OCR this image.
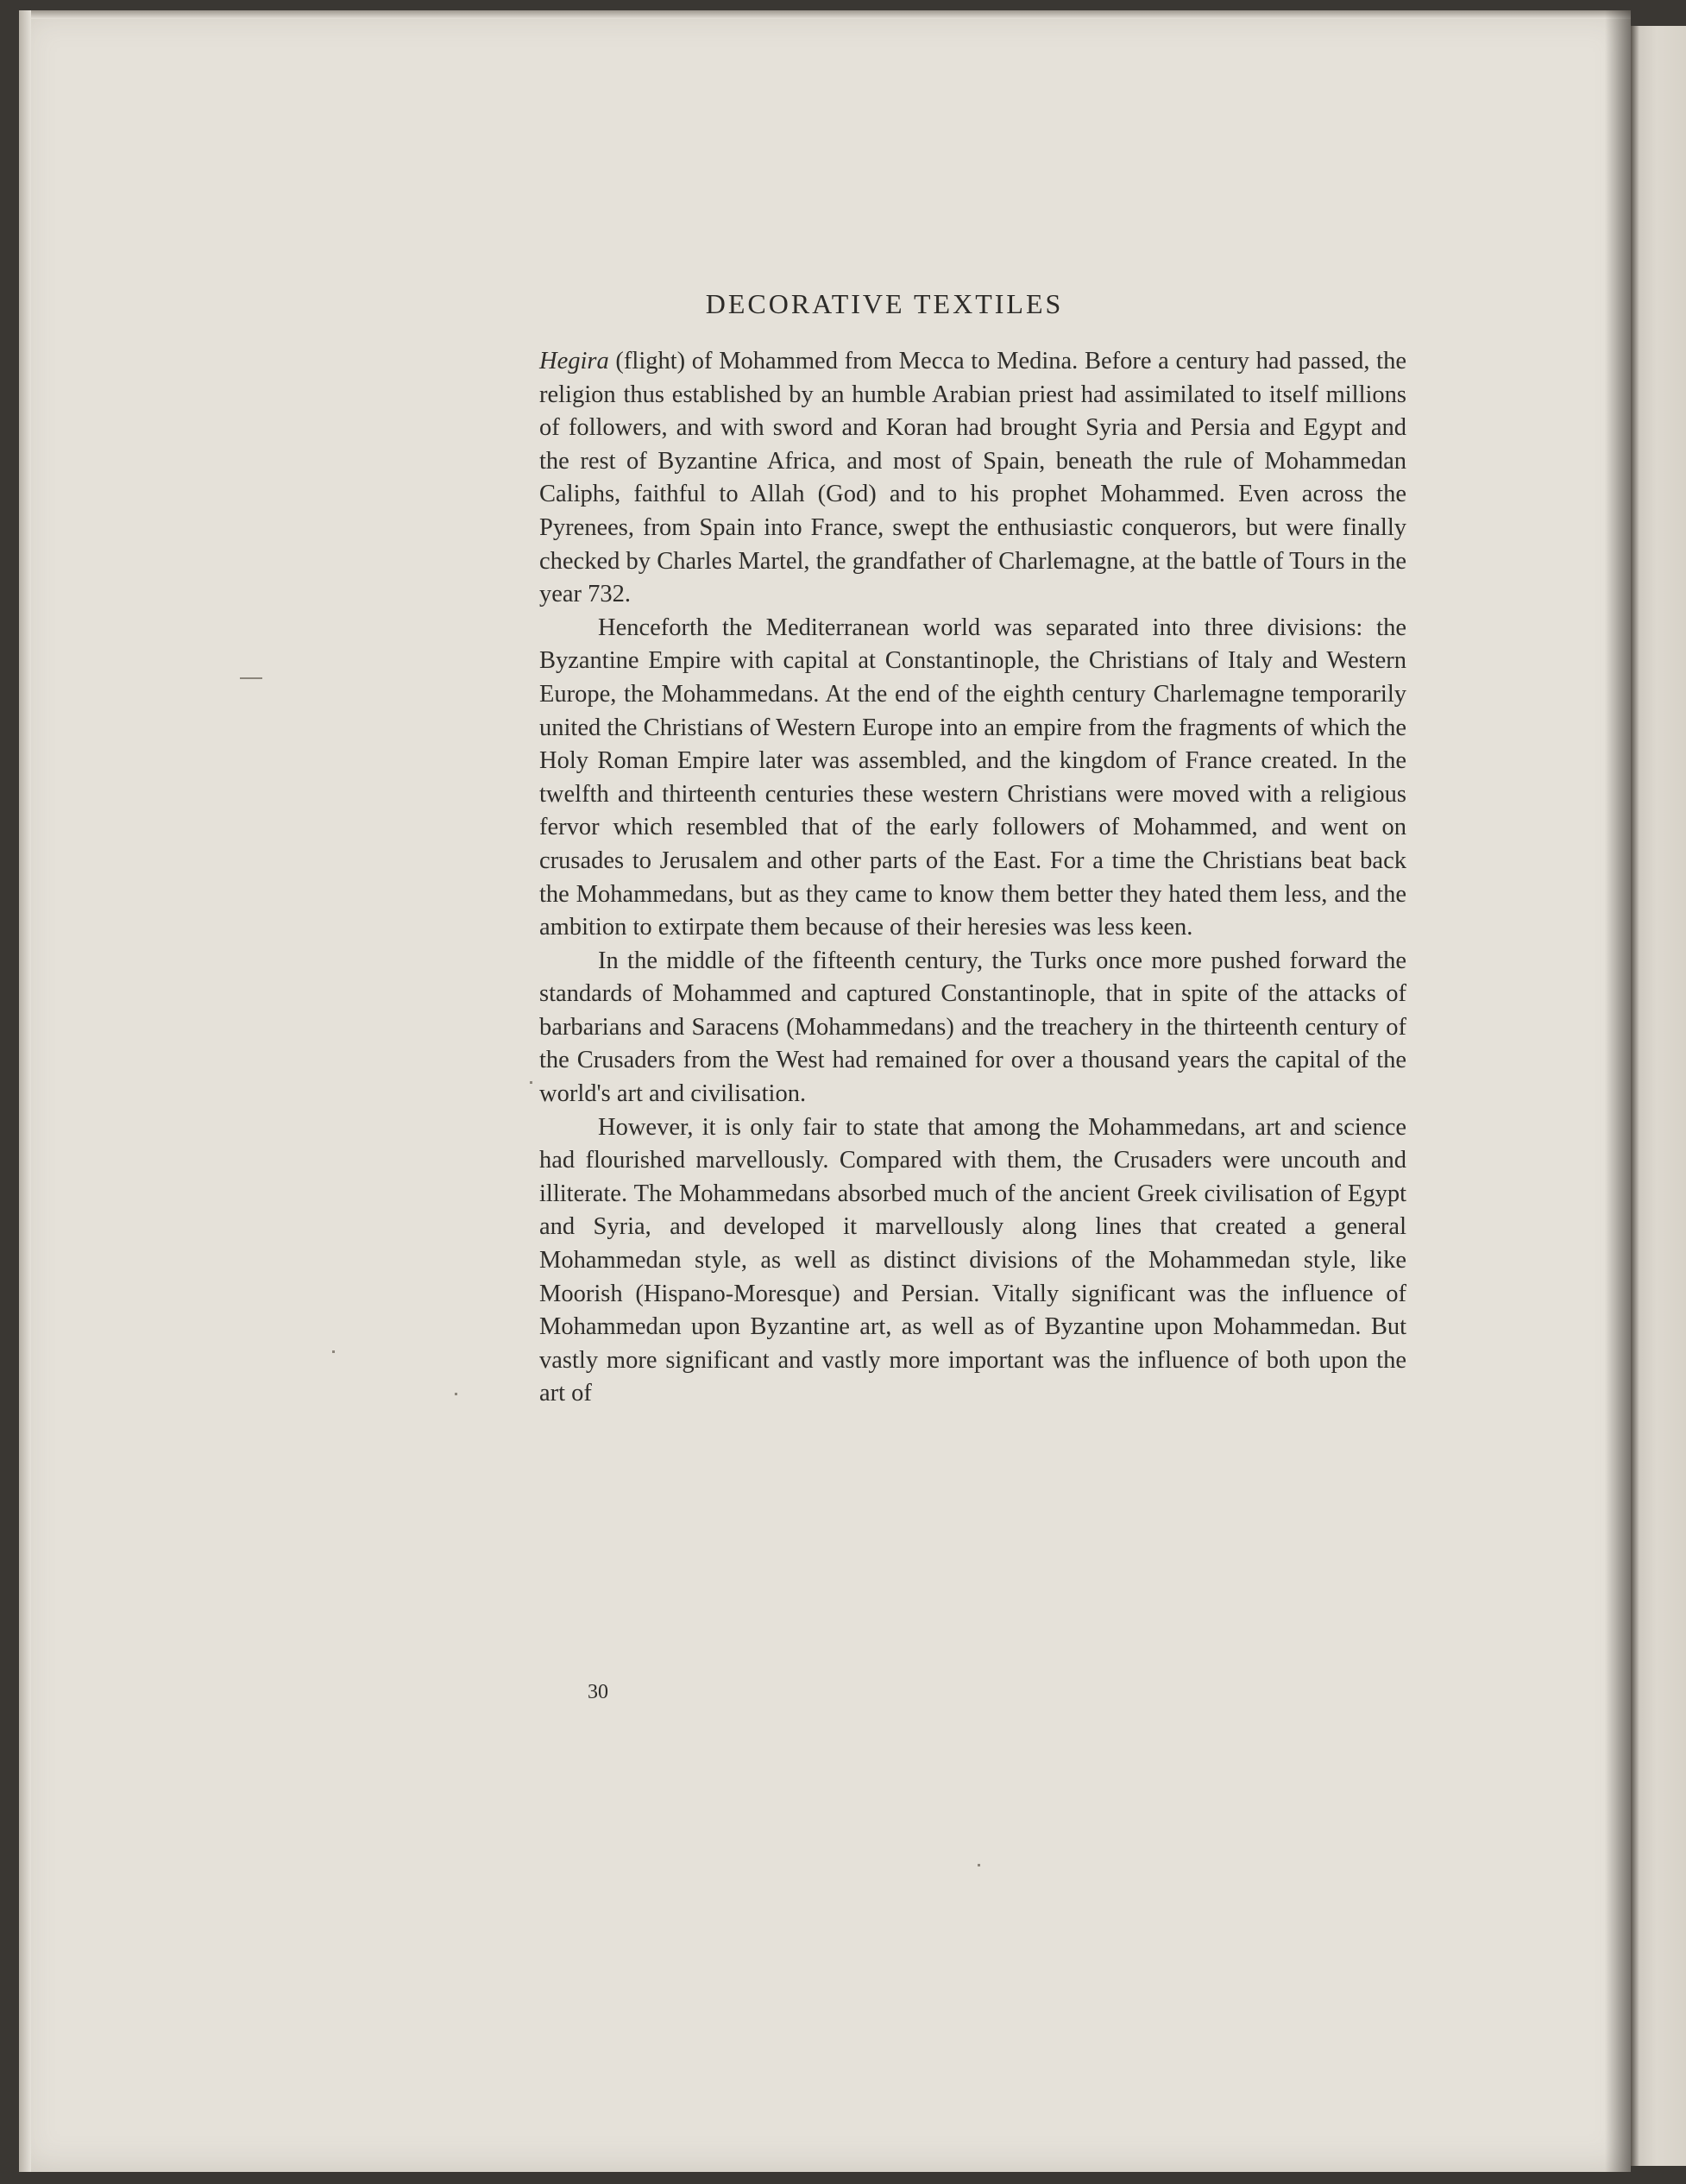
DECORATIVE TEXTILES

Hegira (flight) of Mohammed from Mecca to Medina. Before a century had passed, the religion thus established by an humble Arabian priest had assimilated to itself millions of followers, and with sword and Koran had brought Syria and Persia and Egypt and the rest of Byzantine Africa, and most of Spain, beneath the rule of Mohammedan Caliphs, faithful to Allah (God) and to his prophet Mohammed. Even across the Pyrenees, from Spain into France, swept the enthusiastic conquerors, but were finally checked by Charles Martel, the grandfather of Charlemagne, at the battle of Tours in the year 732.

Henceforth the Mediterranean world was separated into three divisions: the Byzantine Empire with capital at Constantinople, the Christians of Italy and Western Europe, the Mohammedans. At the end of the eighth century Charlemagne temporarily united the Christians of Western Europe into an empire from the fragments of which the Holy Roman Empire later was assembled, and the kingdom of France created. In the twelfth and thirteenth centuries these western Christians were moved with a religious fervor which resembled that of the early followers of Mohammed, and went on crusades to Jerusalem and other parts of the East. For a time the Christians beat back the Mohammedans, but as they came to know them better they hated them less, and the ambition to extirpate them because of their heresies was less keen.

In the middle of the fifteenth century, the Turks once more pushed forward the standards of Mohammed and captured Constantinople, that in spite of the attacks of barbarians and Saracens (Mohammedans) and the treachery in the thirteenth century of the Crusaders from the West had remained for over a thousand years the capital of the world's art and civilisation.

However, it is only fair to state that among the Mohammedans, art and science had flourished marvellously. Compared with them, the Crusaders were uncouth and illiterate. The Mohammedans absorbed much of the ancient Greek civilisation of Egypt and Syria, and developed it marvellously along lines that created a general Mohammedan style, as well as distinct divisions of the Mohammedan style, like Moorish (Hispano-Moresque) and Persian. Vitally significant was the influence of Mohammedan upon Byzantine art, as well as of Byzantine upon Mohammedan. But vastly more significant and vastly more important was the influence of both upon the art of

30
